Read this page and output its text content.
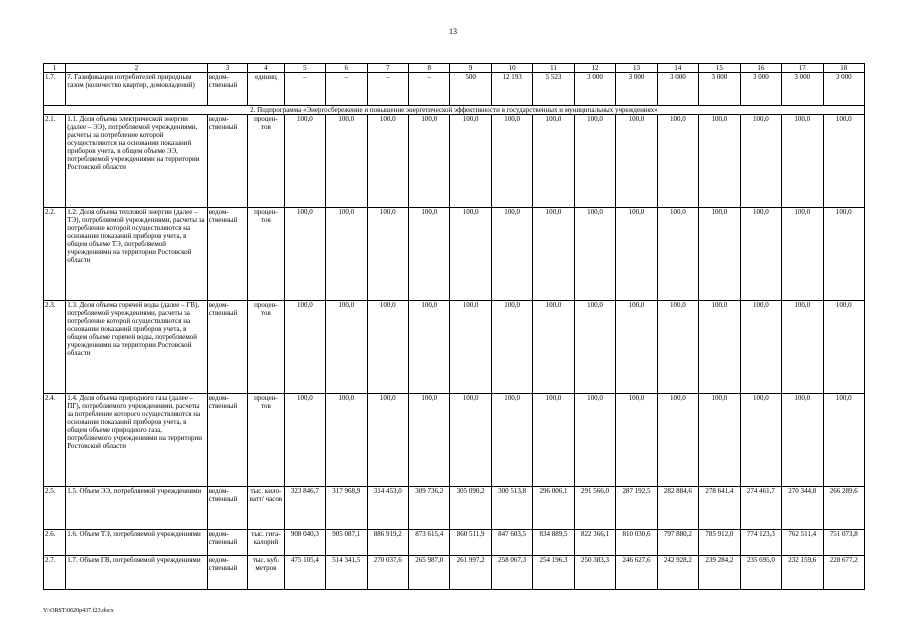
13
1	2	3	4	5	6	7	8	9	10	11	12	13	14	15	16	17	18
1.7.	7. Газификация потребителей природным газом (количество квартир, домовладений)	ведом-ственный	единиц	–	–	–	–	500	12 193	5 523	3 000	3 000	3 000	3 000	3 000	3 000	3 000
2. Подпрограмма «Энергосбережение и повышение энергетической эффективности в государственных и муниципальных учреждениях»																	
2.1.	1.1. Доля объема электрической энергии (далее – ЭЭ), потребляемой учреждениями, расчеты за потребление которой осуществляются на основании показаний приборов учета, в общем объеме ЭЭ, потребляемой учреждениями на территории Ростовской области	ведом-ственный	процен-тов	100,0	100,0	100,0	100,0	100,0	100,0	100,0	100,0	100,0	100,0	100,0	100,0	100,0	100,0
2.2.	1.2. Доля объема тепловой энергии (далее – ТЭ), потребляемой учреждениями, расчеты за потребление которой осуществляются на основании показаний приборов учета, в общем объеме ТЭ, потребляемой учреждениями на территории Ростовской области	ведом-ственный	процен-тов	100,0	100,0	100,0	100,0	100,0	100,0	100,0	100,0	100,0	100,0	100,0	100,0	100,0	100,0
2.3.	1.3. Доля объема горячей воды (далее – ГВ), потребляемой учреждениями, расчеты за потребление которой осуществляются на основании показаний приборов учета, в общем объеме горячей воды, потребляемой учреждениями на территории Ростовской области	ведом-ственный	процен-тов	100,0	100,0	100,0	100,0	100,0	100,0	100,0	100,0	100,0	100,0	100,0	100,0	100,0	100,0
2.4.	1.4. Доля объема природного газа (далее – ПГ), потребляемого учреждениями, расчеты за потребление которого осуществляются на основании показаний приборов учета, в общем объеме природного газа, потребляемого учреждениями на территории Ростовской области	ведом-ственный	процен-тов	100,0	100,0	100,0	100,0	100,0	100,0	100,0	100,0	100,0	100,0	100,0	100,0	100,0	100,0
2.5.	1.5. Объем ЭЭ, потребляемой учреждениями	ведом-ственный	тыс. кило-ватт/ часов	323 846,7	317 968,9	314 453,0	309 736,2	305 090,2	300 513,8	296 006,1	291 566,0	287 192,5	282 884,6	278 641,4	274 461,7	270 344,8	266 289,6
2.6.	1.6. Объем ТЭ, потребляемой учреждениями	ведом-ственный	тыс. гига-калорий	908 040,3	905 087,1	886 919,2	873 615,4	860 511,9	847 603,5	834 889,5	822 366,1	810 030,6	797 880,2	785 912,0	774 123,3	762 511,4	751 073,8
2.7.	1.7. Объем ГВ, потребляемой учреждениями	ведом-ственный	тыс. куб. метров	475 105,4	514 341,5	270 037,6	265 987,0	261 997,2	258 067,3	254 196,3	250 383,3	246 627,6	242 928,2	239 284,2	235 695,0	232 159,6	228 677,2
Y:\ORST\0620p437.f23.docx
